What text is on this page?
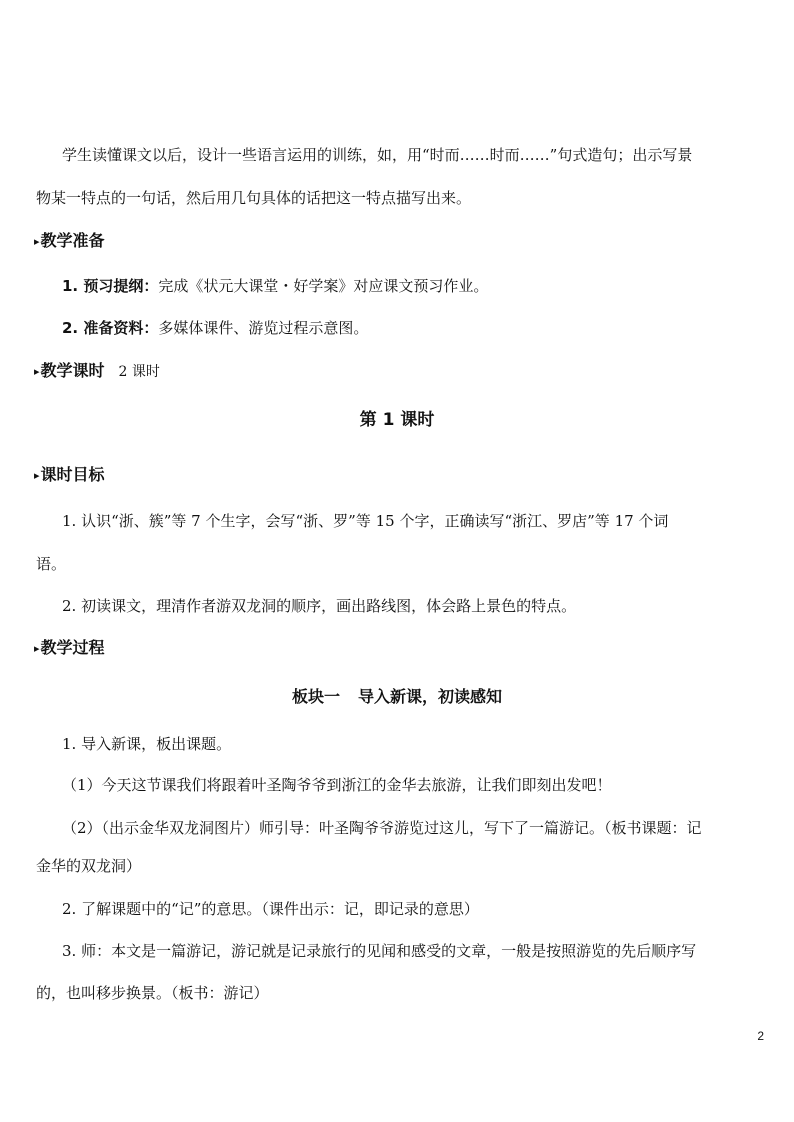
学生读懂课文以后，设计一些语言运用的训练，如，用“时而……时而……”句式造句；出示写景
物某一特点的一句话，然后用几句具体的话把这一特点描写出来。
▸教学准备
1. 预习提纲：完成《状元大课堂・好学案》对应课文预习作业。
2. 准备资料：多媒体课件、游览过程示意图。
▸教学课时 2 课时
第 1 课时
▸课时目标
1. 认识“浙、簇”等 7 个生字，会写“浙、罗”等 15 个字，正确读写“浙江、罗店”等 17 个词
语。
2. 初读课文，理清作者游双龙洞的顺序，画出路线图，体会路上景色的特点。
▸教学过程
板块一 导入新课，初读感知
1. 导入新课，板出课题。
（1）今天这节课我们将跟着叶圣陶爷爷到浙江的金华去旅游，让我们即刻出发吧！
（2）（出示金华双龙洞图片）师引导：叶圣陶爷爷游览过这儿，写下了一篇游记。（板书课题：记
金华的双龙洞）
2. 了解课题中的“记”的意思。（课件出示：记，即记录的意思）
3. 师：本文是一篇游记，游记就是记录旅行的见闻和感受的文章，一般是按照游览的先后顺序写
的，也叫移步换景。（板书：游记）
2
